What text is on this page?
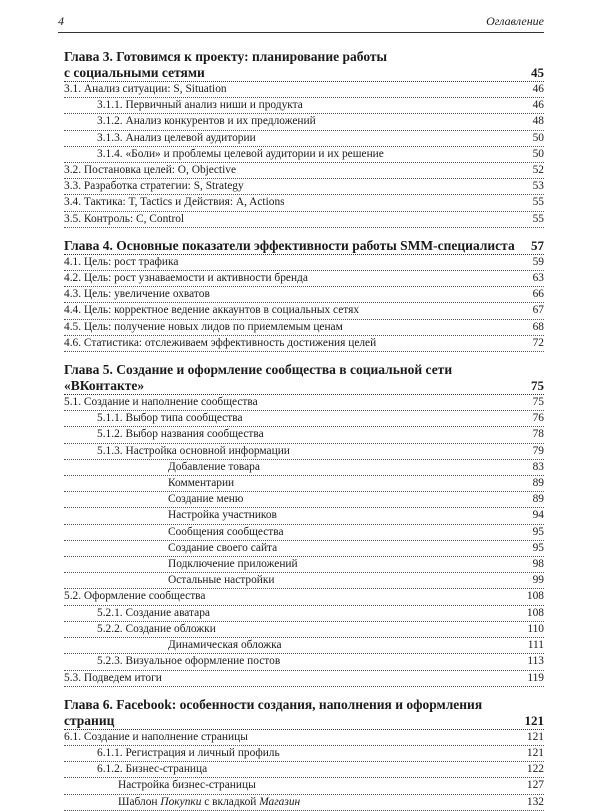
4	Оглавление
Глава 3. Готовимся к проекту: планирование работы
с социальными сетями	45
3.1. Анализ ситуации: S, Situation	46
3.1.1. Первичный анализ ниши и продукта	46
3.1.2. Анализ конкурентов и их предложений	48
3.1.3. Анализ целевой аудитории	50
3.1.4. «Боли» и проблемы целевой аудитории и их решение	50
3.2. Постановка целей: O, Objective	52
3.3. Разработка стратегии: S, Strategy	53
3.4. Тактика: T, Tactics и Действия: A, Actions	55
3.5. Контроль: C, Control	55
Глава 4. Основные показатели эффективности работы SMM-специалиста	57
4.1. Цель: рост трафика	59
4.2. Цель: рост узнаваемости и активности бренда	63
4.3. Цель: увеличение охватов	66
4.4. Цель: корректное ведение аккаунтов в социальных сетях	67
4.5. Цель: получение новых лидов по приемлемым ценам	68
4.6. Статистика: отслеживаем эффективность достижения целей	72
Глава 5. Создание и оформление сообщества в социальной сети
«ВКонтакте»	75
5.1. Создание и наполнение сообщества	75
5.1.1. Выбор типа сообщества	76
5.1.2. Выбор названия сообщества	78
5.1.3. Настройка основной информации	79
Добавление товара	83
Комментарии	89
Создание меню	89
Настройка участников	94
Сообщения сообщества	95
Создание своего сайта	95
Подключение приложений	98
Остальные настройки	99
5.2. Оформление сообщества	108
5.2.1. Создание аватара	108
5.2.2. Создание обложки	110
Динамическая обложка	111
5.2.3. Визуальное оформление постов	113
5.3. Подведем итоги	119
Глава 6. Facebook: особенности создания, наполнения и оформления
страниц	121
6.1. Создание и наполнение страницы	121
6.1.1. Регистрация и личный профиль	121
6.1.2. Бизнес-страница	122
Настройка бизнес-страницы	127
Шаблон Покупки с вкладкой Магазин	132
